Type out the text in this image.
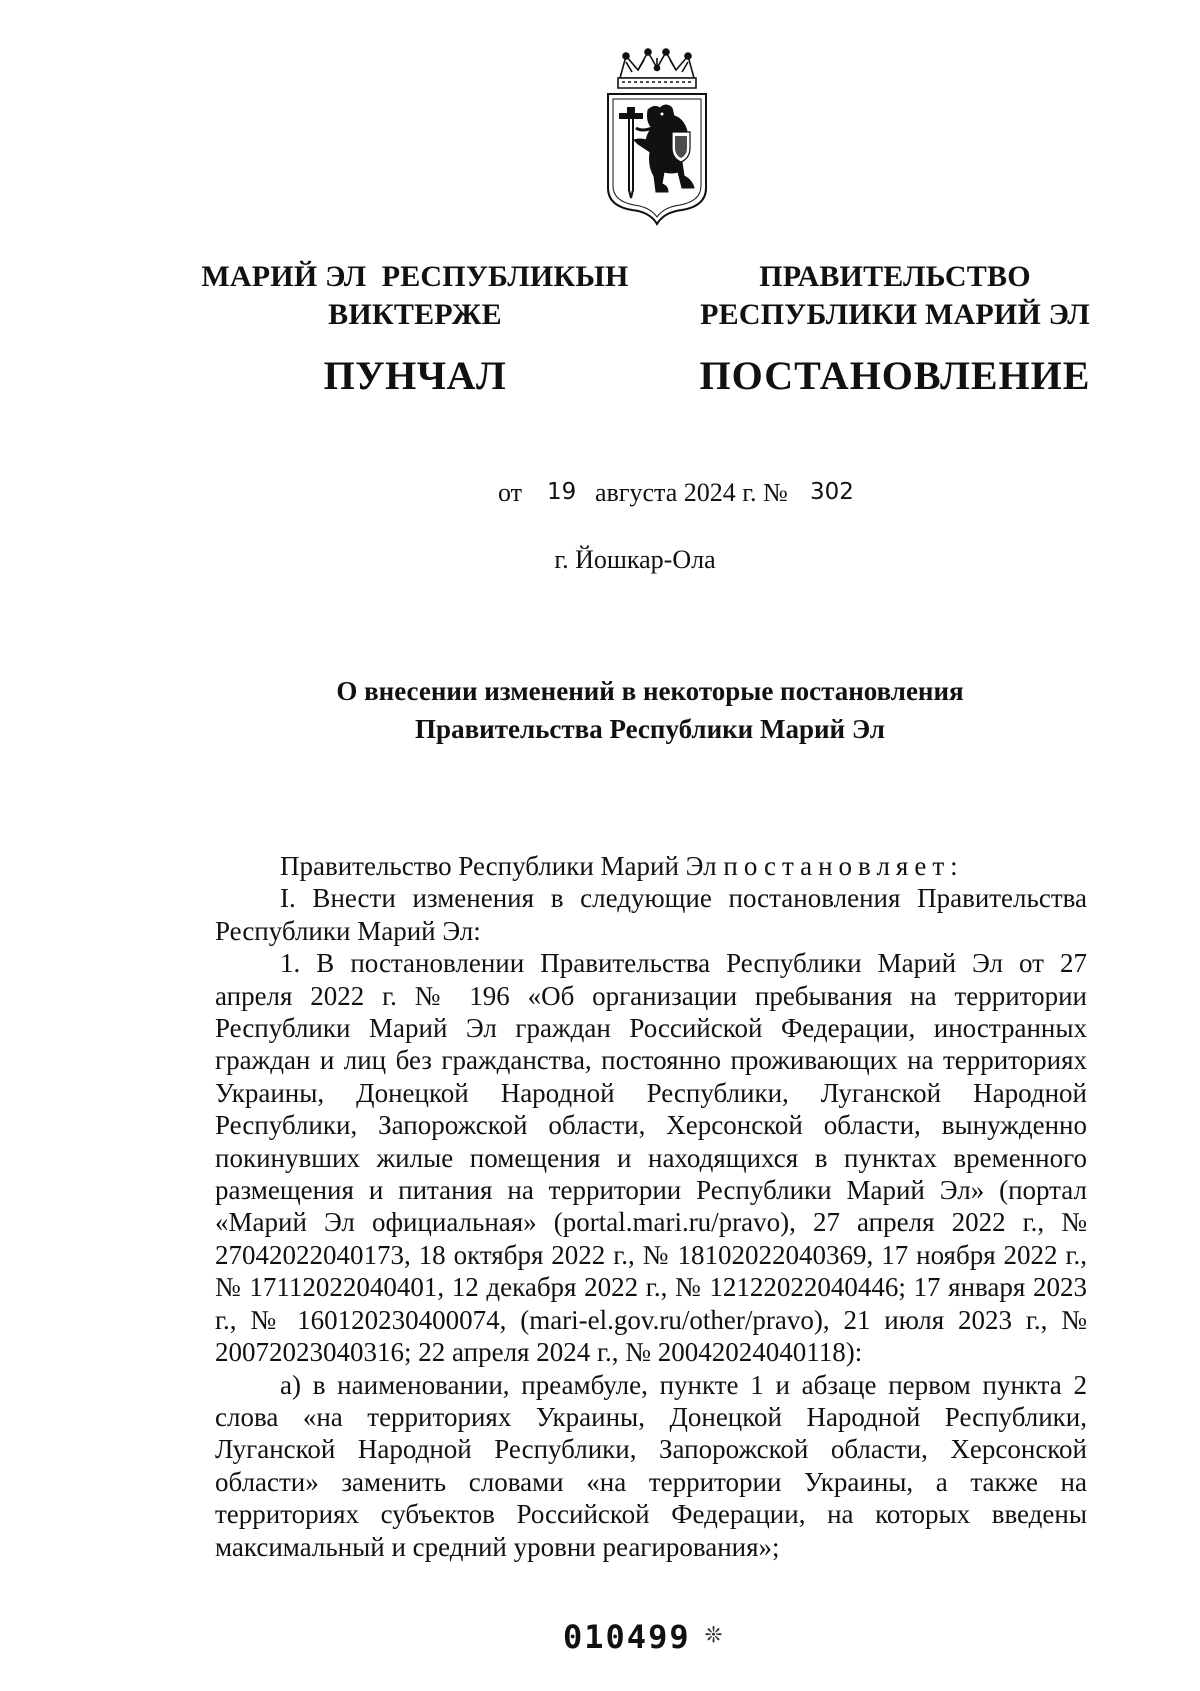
МАРИЙ ЭЛ  РЕСПУБЛИКЫН
ВИКТЕРЖЕ
ПУНЧАЛ
ПРАВИТЕЛЬСТВО
РЕСПУБЛИКИ МАРИЙ ЭЛ
ПОСТАНОВЛЕНИЕ
от 19 августа 2024 г. № 302
г. Йошкар-Ола
О внесении изменений в некоторые постановления
Правительства Республики Марий Эл

Правительство Республики Марий Эл постановляет:

I. Внести изменения в следующие постановления Правительства Республики Марий Эл:

1. В постановлении Правительства Республики Марий Эл от 27 апреля 2022 г. № 196 «Об организации пребывания на территории Республики Марий Эл граждан Российской Федерации, иностранных граждан и лиц без гражданства, постоянно проживающих на территориях Украины, Донецкой Народной Республики, Луганской Народной Республики, Запорожской области, Херсонской области, вынужденно покинувших жилые помещения и находящихся в пунктах временного размещения и питания на территории Республики Марий Эл» (портал «Марий Эл официальная» (portal.mari.ru/pravo), 27 апреля 2022 г., № 27042022040173, 18 октября 2022 г., № 18102022040369, 17 ноября 2022 г., № 17112022040401, 12 декабря 2022 г., № 12122022040446; 17 января 2023 г., № 160120230400074, (mari-el.gov.ru/other/pravo), 21 июля 2023 г., № 20072023040316; 22 апреля 2024 г., № 20042024040118):

а) в наименовании, преамбуле, пункте 1 и абзаце первом пункта 2 слова «на территориях Украины, Донецкой Народной Республики, Луганской Народной Республики, Запорожской области, Херсонской области» заменить словами «на территории Украины, а также на территориях субъектов Российской Федерации, на которых введены максимальный и средний уровни реагирования»;

010499 ❊
